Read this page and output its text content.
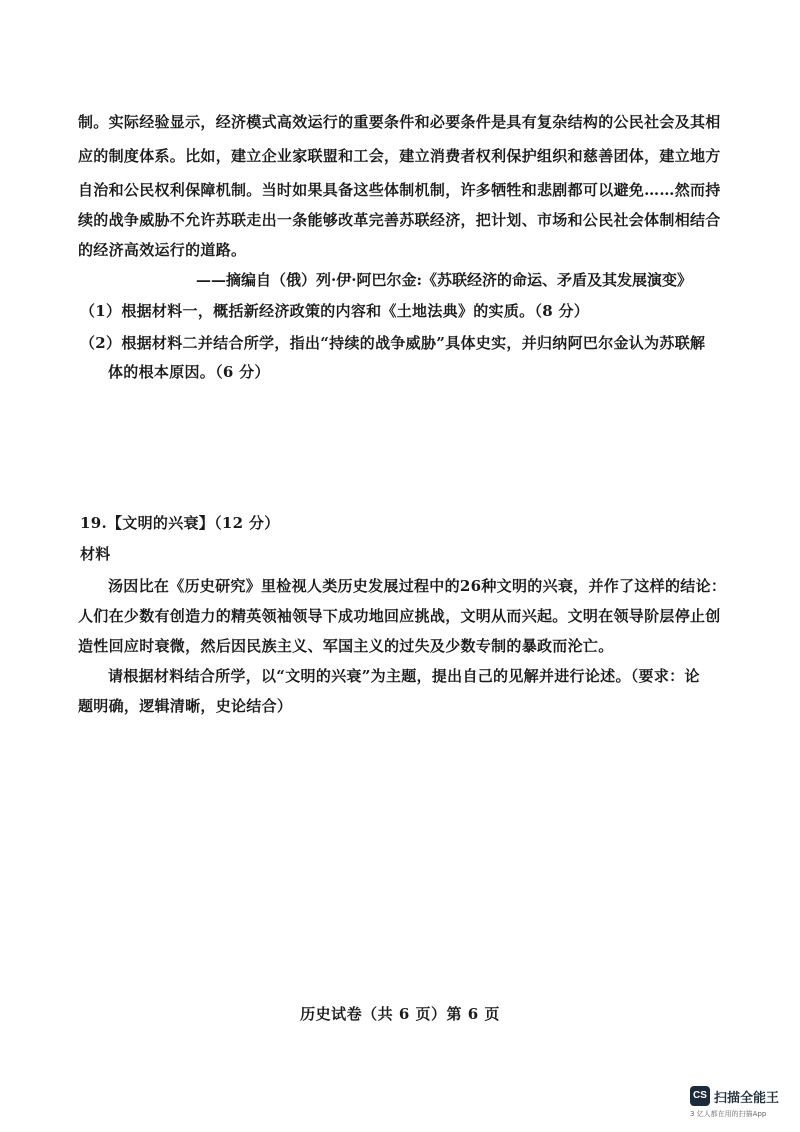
制。实际经验显示，经济模式高效运行的重要条件和必要条件是具有复杂结构的公民社会及其相
应的制度体系。比如，建立企业家联盟和工会，建立消费者权利保护组织和慈善团体，建立地方
自治和公民权利保障机制。当时如果具备这些体制机制，许多牺牲和悲剧都可以避免……然而持
续的战争威胁不允许苏联走出一条能够改革完善苏联经济，把计划、市场和公民社会体制相结合
的经济高效运行的道路。
——摘编自（俄）列·伊·阿巴尔金:《苏联经济的命运、矛盾及其发展演变》
（1）根据材料一，概括新经济政策的内容和《土地法典》的实质。（8 分）
（2）根据材料二并结合所学，指出“持续的战争威胁”具体史实，并归纳阿巴尔金认为苏联解
体的根本原因。（6 分）
19.【文明的兴衰】（12 分）
材料
汤因比在《历史研究》里检视人类历史发展过程中的26种文明的兴衰，并作了这样的结论：
人们在少数有创造力的精英领袖领导下成功地回应挑战，文明从而兴起。文明在领导阶层停止创
造性回应时衰微，然后因民族主义、军国主义的过失及少数专制的暴政而沦亡。
请根据材料结合所学，以“文明的兴衰”为主题，提出自己的见解并进行论述。（要求：论
题明确，逻辑清晰，史论结合）
历史试卷（共 6 页）第 6 页
CS 扫描全能王
3 亿人都在用的扫描App
